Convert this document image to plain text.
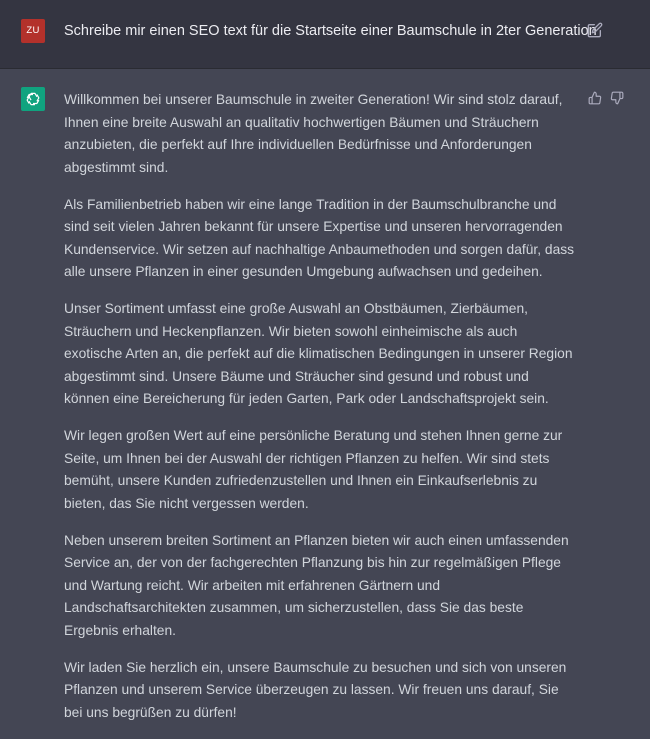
ZU	Schreibe mir einen SEO text für die Startseite einer Baumschule in 2ter Generation

Willkommen bei unserer Baumschule in zweiter Generation! Wir sind stolz darauf, Ihnen eine breite Auswahl an qualitativ hochwertigen Bäumen und Sträuchern anzubieten, die perfekt auf Ihre individuellen Bedürfnisse und Anforderungen abgestimmt sind.

Als Familienbetrieb haben wir eine lange Tradition in der Baumschulbranche und sind seit vielen Jahren bekannt für unsere Expertise und unseren hervorragenden Kundenservice. Wir setzen auf nachhaltige Anbaumethoden und sorgen dafür, dass alle unsere Pflanzen in einer gesunden Umgebung aufwachsen und gedeihen.

Unser Sortiment umfasst eine große Auswahl an Obstbäumen, Zierbäumen, Sträuchern und Heckenpflanzen. Wir bieten sowohl einheimische als auch exotische Arten an, die perfekt auf die klimatischen Bedingungen in unserer Region abgestimmt sind. Unsere Bäume und Sträucher sind gesund und robust und können eine Bereicherung für jeden Garten, Park oder Landschaftsprojekt sein.

Wir legen großen Wert auf eine persönliche Beratung und stehen Ihnen gerne zur Seite, um Ihnen bei der Auswahl der richtigen Pflanzen zu helfen. Wir sind stets bemüht, unsere Kunden zufriedenzustellen und Ihnen ein Einkaufserlebnis zu bieten, das Sie nicht vergessen werden.

Neben unserem breiten Sortiment an Pflanzen bieten wir auch einen umfassenden Service an, der von der fachgerechten Pflanzung bis hin zur regelmäßigen Pflege und Wartung reicht. Wir arbeiten mit erfahrenen Gärtnern und Landschaftsarchitekten zusammen, um sicherzustellen, dass Sie das beste Ergebnis erhalten.

Wir laden Sie herzlich ein, unsere Baumschule zu besuchen und sich von unseren Pflanzen und unserem Service überzeugen zu lassen. Wir freuen uns darauf, Sie bei uns begrüßen zu dürfen!
